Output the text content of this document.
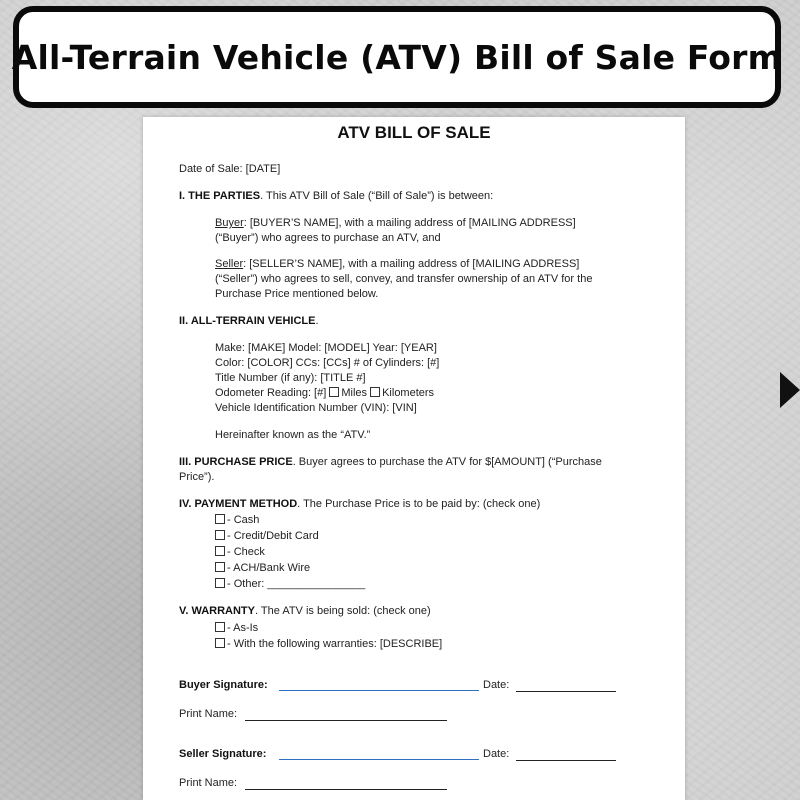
All-Terrain Vehicle (ATV) Bill of Sale Form
ATV BILL OF SALE
Date of Sale: [DATE]
I. THE PARTIES. This ATV Bill of Sale (“Bill of Sale”) is between:
Buyer: [BUYER’S NAME], with a mailing address of [MAILING ADDRESS]
(“Buyer”) who agrees to purchase an ATV, and
Seller: [SELLER’S NAME], with a mailing address of [MAILING ADDRESS]
(“Seller”) who agrees to sell, convey, and transfer ownership of an ATV for the
Purchase Price mentioned below.
II. ALL-TERRAIN VEHICLE.
Make: [MAKE] Model: [MODEL] Year: [YEAR]
Color: [COLOR] CCs: [CCs] # of Cylinders: [#]
Title Number (if any): [TITLE #]
Odometer Reading: [#] Miles Kilometers
Vehicle Identification Number (VIN): [VIN]
Hereinafter known as the “ATV.”
III. PURCHASE PRICE. Buyer agrees to purchase the ATV for $[AMOUNT] (“Purchase
Price”).
IV. PAYMENT METHOD. The Purchase Price is to be paid by: (check one)
- Cash
- Credit/Debit Card
- Check
- ACH/Bank Wire
- Other: ________________
V. WARRANTY. The ATV is being sold: (check one)
- As-Is
- With the following warranties: [DESCRIBE]
Buyer Signature:	Date:
Print Name:
Seller Signature:	Date:
Print Name:
